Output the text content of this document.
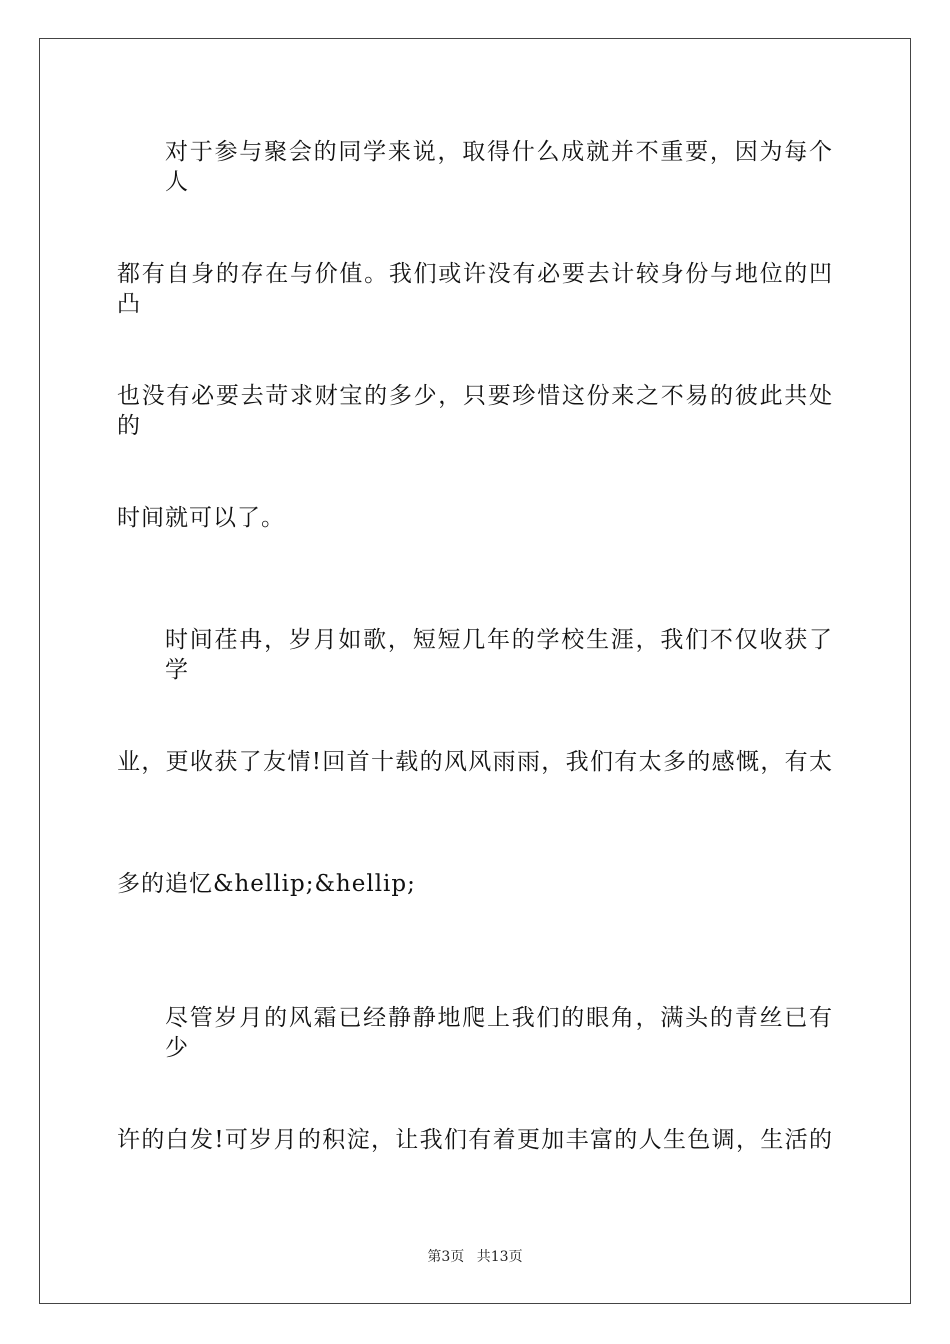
对于参与聚会的同学来说，取得什么成就并不重要，因为每个人
都有自身的存在与价值。我们或许没有必要去计较身份与地位的凹凸
也没有必要去苛求财宝的多少，只要珍惜这份来之不易的彼此共处的
时间就可以了。
时间荏冉，岁月如歌，短短几年的学校生涯，我们不仅收获了学
业，更收获了友情!回首十载的风风雨雨，我们有太多的感慨，有太
多的追忆&hellip;&hellip;
尽管岁月的风霜已经静静地爬上我们的眼角，满头的青丝已有少
许的白发!可岁月的积淀，让我们有着更加丰富的人生色调，生活的
第3页 共13页
